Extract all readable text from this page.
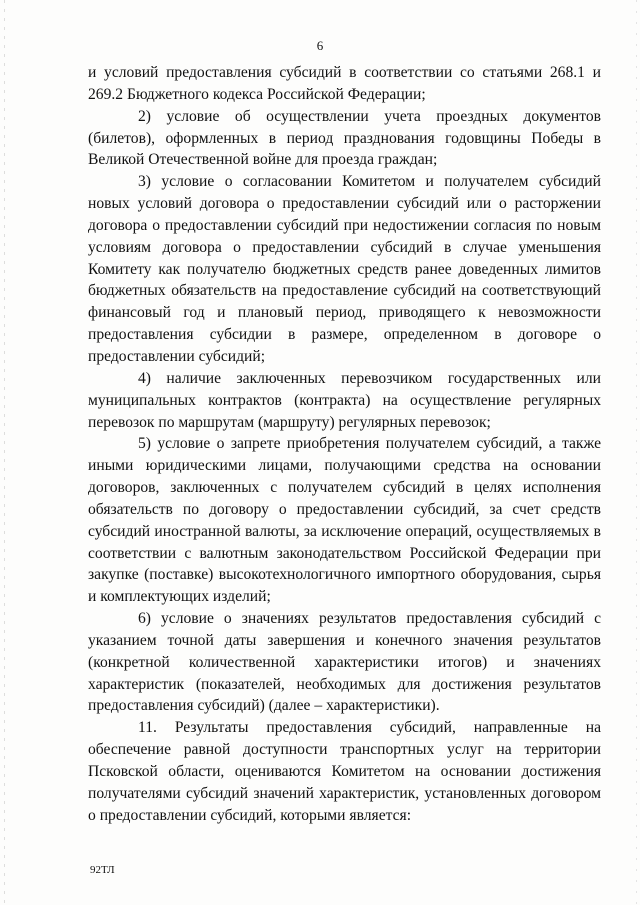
6

и условий предоставления субсидий в соответствии со статьями 268.1 и 269.2 Бюджетного кодекса Российской Федерации;

2) условие об осуществлении учета проездных документов (билетов), оформленных в период празднования годовщины Победы в Великой Отечественной войне для проезда граждан;

3) условие о согласовании Комитетом и получателем субсидий новых условий договора о предоставлении субсидий или о расторжении договора о предоставлении субсидий при недостижении согласия по новым условиям договора о предоставлении субсидий в случае уменьшения Комитету как получателю бюджетных средств ранее доведенных лимитов бюджетных обязательств на предоставление субсидий на соответствующий финансовый год и плановый период, приводящего к невозможности предоставления субсидии в размере, определенном в договоре о предоставлении субсидий;

4) наличие заключенных перевозчиком государственных или муниципальных контрактов (контракта) на осуществление регулярных перевозок по маршрутам (маршруту) регулярных перевозок;

5) условие о запрете приобретения получателем субсидий, а также иными юридическими лицами, получающими средства на основании договоров, заключенных с получателем субсидий в целях исполнения обязательств по договору о предоставлении субсидий, за счет средств субсидий иностранной валюты, за исключение операций, осуществляемых в соответствии с валютным законодательством Российской Федерации при закупке (поставке) высокотехнологичного импортного оборудования, сырья и комплектующих изделий;

6) условие о значениях результатов предоставления субсидий с указанием точной даты завершения и конечного значения результатов (конкретной количественной характеристики итогов) и значениях характеристик (показателей, необходимых для достижения результатов предоставления субсидий) (далее – характеристики).

11. Результаты предоставления субсидий, направленные на обеспечение равной доступности транспортных услуг на территории Псковской области, оцениваются Комитетом на основании достижения получателями субсидий значений характеристик, установленных договором о предоставлении субсидий, которыми является:

92ТЛ
